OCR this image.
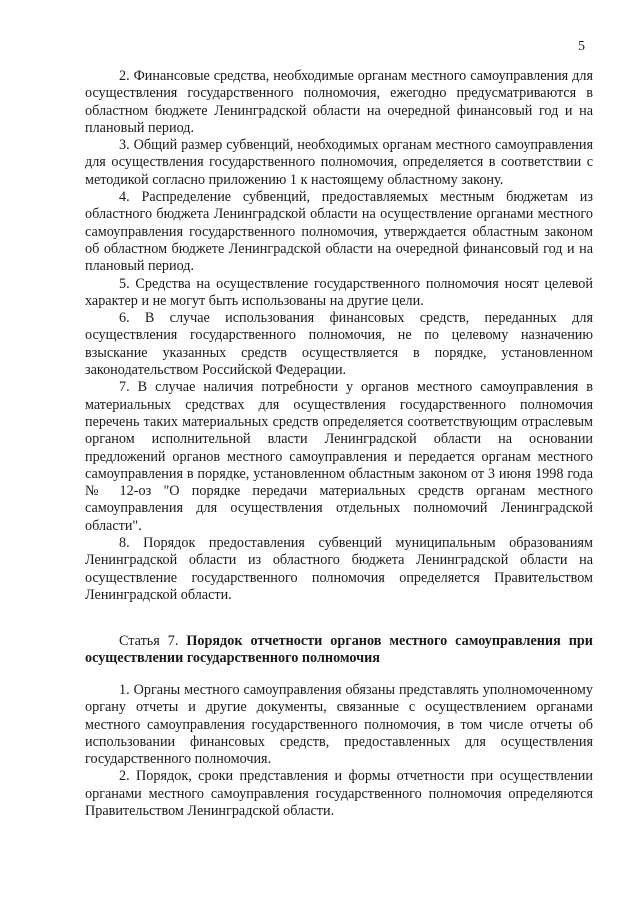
5

2. Финансовые средства, необходимые органам местного самоуправления для осуществления государственного полномочия, ежегодно предусматриваются в областном бюджете Ленинградской области на очередной финансовый год и на плановый период.

3. Общий размер субвенций, необходимых органам местного самоуправления для осуществления государственного полномочия, определяется в соответствии с методикой согласно приложению 1 к настоящему областному закону.

4. Распределение субвенций, предоставляемых местным бюджетам из областного бюджета Ленинградской области на осуществление органами местного самоуправления государственного полномочия, утверждается областным законом об областном бюджете Ленинградской области на очередной финансовый год и на плановый период.

5. Средства на осуществление государственного полномочия носят целевой характер и не могут быть использованы на другие цели.

6. В случае использования финансовых средств, переданных для осуществления государственного полномочия, не по целевому назначению взыскание указанных средств осуществляется в порядке, установленном законодательством Российской Федерации.

7. В случае наличия потребности у органов местного самоуправления в материальных средствах для осуществления государственного полномочия перечень таких материальных средств определяется соответствующим отраслевым органом исполнительной власти Ленинградской области на основании предложений органов местного самоуправления и передается органам местного самоуправления в порядке, установленном областным законом от 3 июня 1998 года № 12-оз "О порядке передачи материальных средств органам местного самоуправления для осуществления отдельных полномочий Ленинградской области".

8. Порядок предоставления субвенций муниципальным образованиям Ленинградской области из областного бюджета Ленинградской области на осуществление государственного полномочия определяется Правительством Ленинградской области.

Статья 7. Порядок отчетности органов местного самоуправления при осуществлении государственного полномочия

1. Органы местного самоуправления обязаны представлять уполномоченному органу отчеты и другие документы, связанные с осуществлением органами местного самоуправления государственного полномочия, в том числе отчеты об использовании финансовых средств, предоставленных для осуществления государственного полномочия.

2. Порядок, сроки представления и формы отчетности при осуществлении органами местного самоуправления государственного полномочия определяются Правительством Ленинградской области.
